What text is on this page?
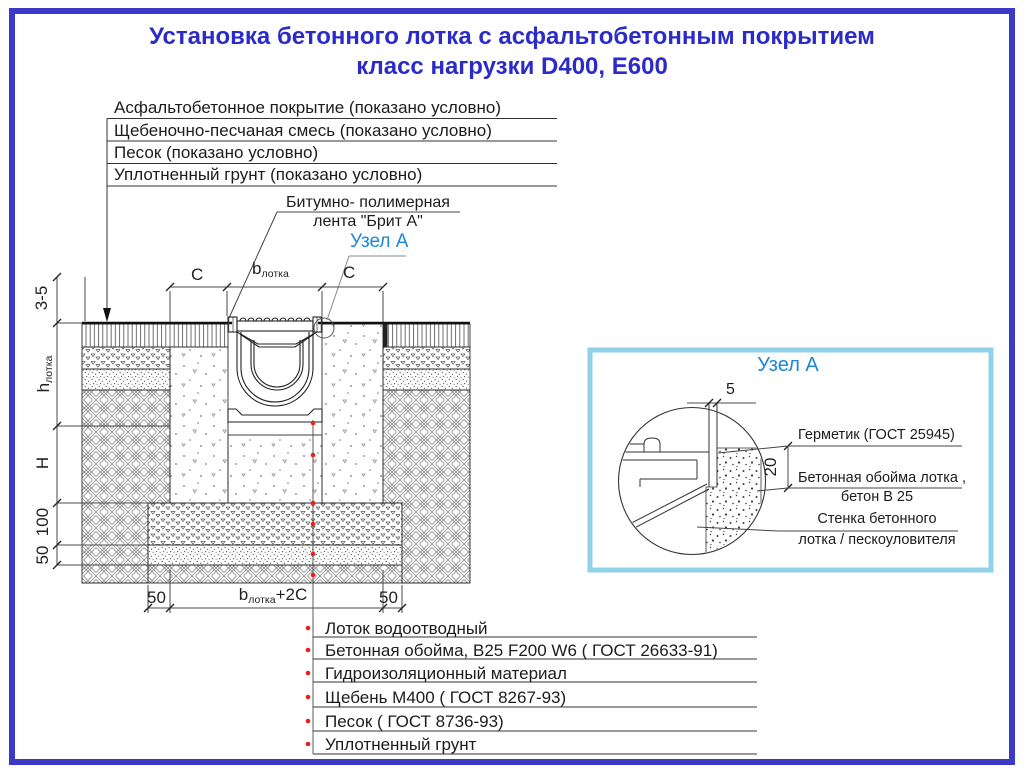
Установка бетонного лотка с асфальтобетонным покрытием
класс нагрузки D400, E600
Асфальтобетонное покрытие (показано условно)
Щебеночно-песчаная смесь (показано условно)
Песок (показано условно)
Уплотненный грунт (показано условно)
Битумно- полимерная
лента "Брит А"
Узел А
C	$b_{лотка}$	C
3-5
$h_{лотка}$
H
100
50
50	$b_{лотка}+2C$	50
Лоток водоотводный
Бетонная обойма, B25 F200 W6 ( ГОСТ 26633-91)
Гидроизоляционный материал
Щебень М400 ( ГОСТ 8267-93)
Песок ( ГОСТ 8736-93)
Уплотненный грунт
Узел А
5
20
Герметик (ГОСТ 25945)
Бетонная обойма лотка ,
бетон В 25
Стенка бетонного
лотка / пескоуловителя
